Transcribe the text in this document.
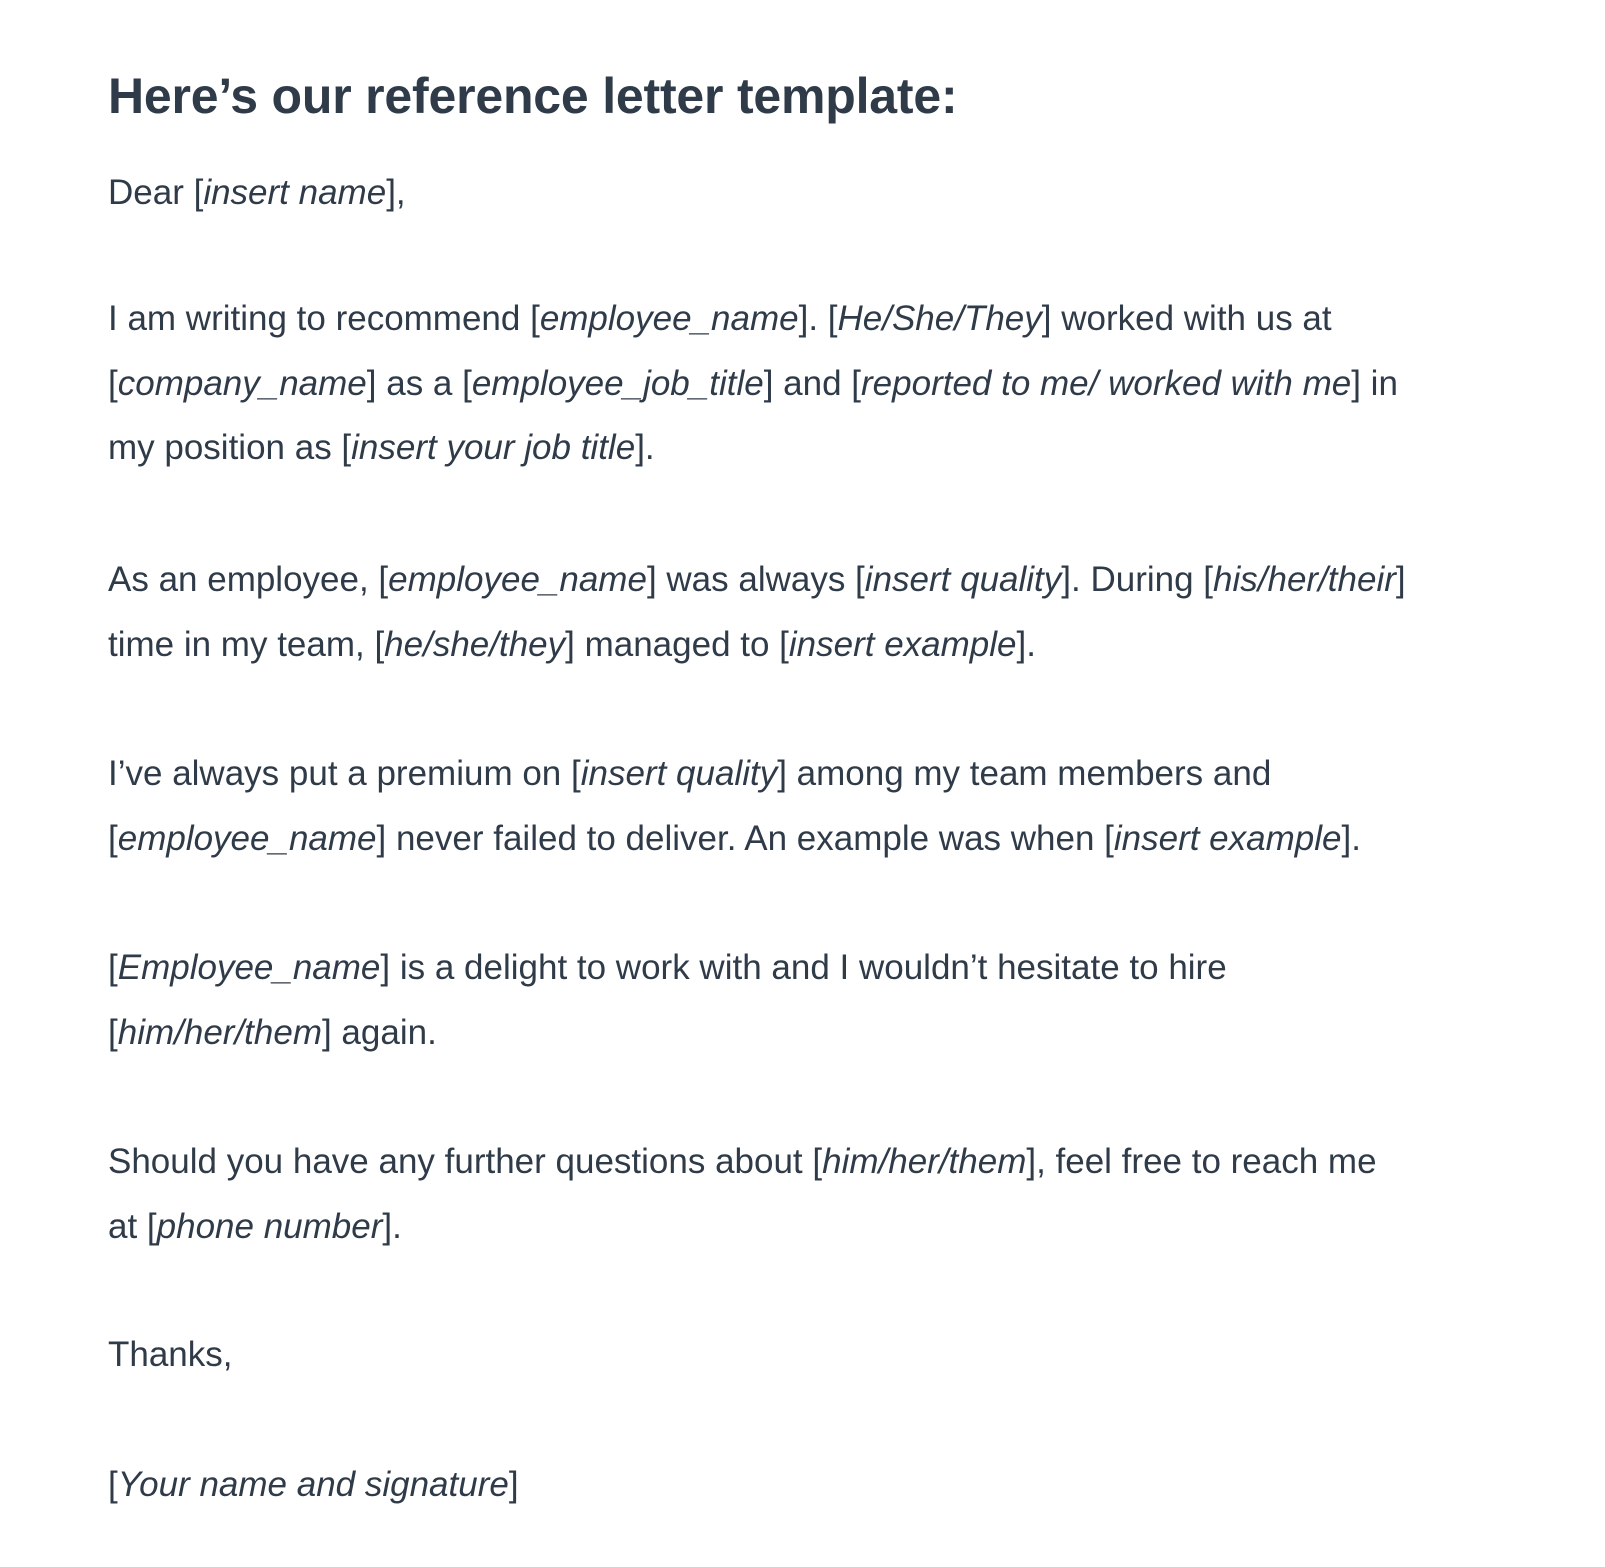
Here’s our reference letter template:

Dear [insert name],

I am writing to recommend [employee_name]. [He/She/They] worked with us at
[company_name] as a [employee_job_title] and [reported to me/ worked with me] in
my position as [insert your job title].

As an employee, [employee_name] was always [insert quality]. During [his/her/their]
time in my team, [he/she/they] managed to [insert example].

I’ve always put a premium on [insert quality] among my team members and
[employee_name] never failed to deliver. An example was when [insert example].

[Employee_name] is a delight to work with and I wouldn’t hesitate to hire
[him/her/them] again.

Should you have any further questions about [him/her/them], feel free to reach me
at [phone number].

Thanks,

[Your name and signature]
